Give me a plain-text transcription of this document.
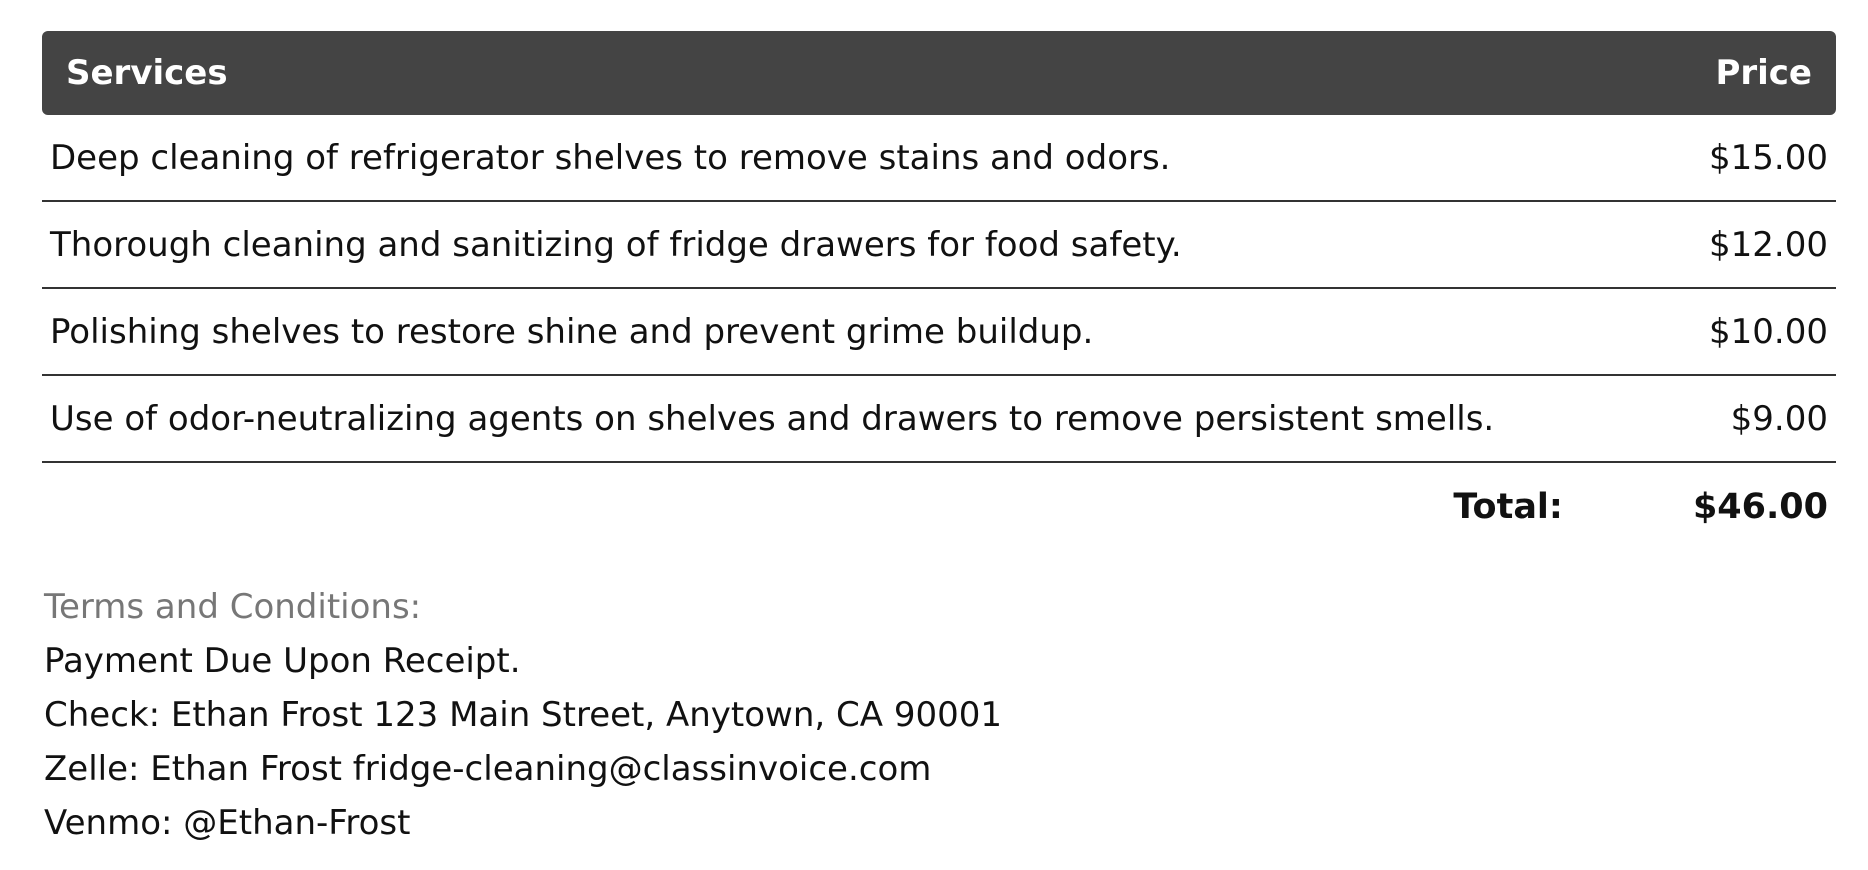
Services	Price
Deep cleaning of refrigerator shelves to remove stains and odors.	$15.00
Thorough cleaning and sanitizing of fridge drawers for food safety.	$12.00
Polishing shelves to restore shine and prevent grime buildup.	$10.00
Use of odor-neutralizing agents on shelves and drawers to remove persistent smells.	$9.00
Total:	$46.00
Terms and Conditions:
Payment Due Upon Receipt.
Check: Ethan Frost 123 Main Street, Anytown, CA 90001
Zelle: Ethan Frost fridge-cleaning@classinvoice.com
Venmo: @Ethan-Frost
